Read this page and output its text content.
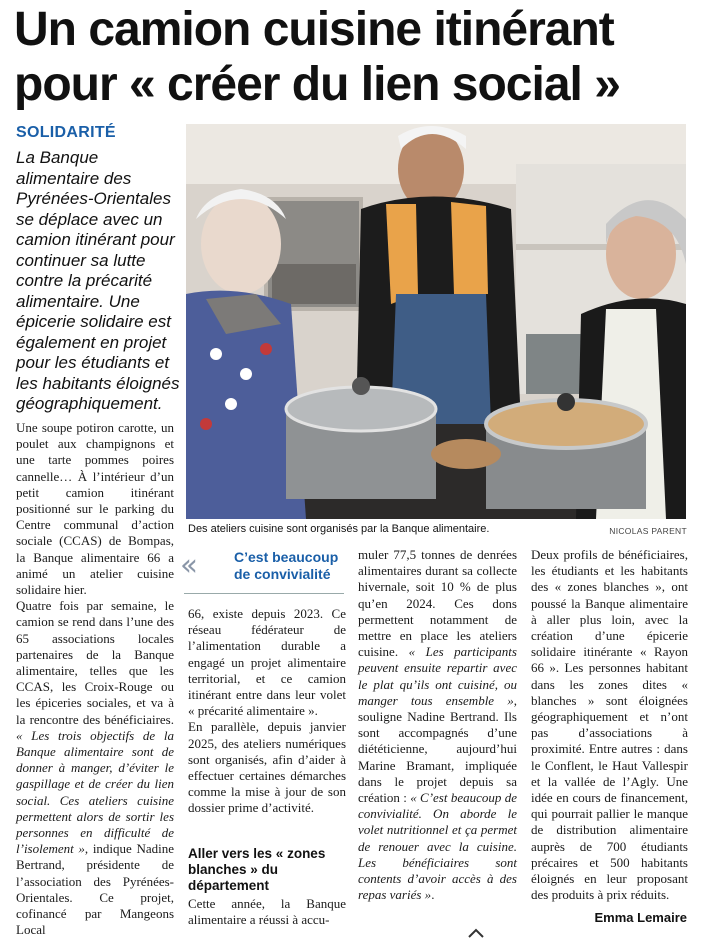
Un camion cuisine itinérant pour « créer du lien social »
SOLIDARITÉ

La Banque alimentaire des Pyrénées-Orientales se déplace avec un camion itinérant pour continuer sa lutte contre la précarité alimentaire. Une épicerie solidaire est également en projet pour les étudiants et les habitants éloignés géographiquement.

Des ateliers cuisine sont organisés par la Banque alimentaire.	NICOLAS PARENT

Une soupe potiron carotte, un poulet aux champignons et une tarte pommes poires cannelle… À l’intérieur d’un petit camion itinérant positionné sur le parking du Centre communal d’action sociale (CCAS) de Bompas, la Banque alimentaire 66 a animé un atelier cuisine solidaire hier.

Quatre fois par semaine, le camion se rend dans l’une des 65 associations locales partenaires de la Banque alimentaire, telles que les CCAS, les Croix-Rouge ou les épiceries sociales, et va à la rencontre des bénéficiaires. « Les trois objectifs de la Banque alimentaire sont de donner à manger, d’éviter le gaspillage et de créer du lien social. Ces ateliers cuisine permettent alors de sortir les personnes en difficulté de l’isolement », indique Nadine Bertrand, présidente de l’association des Pyrénées-Orientales. Ce projet, cofinancé par Mangeons Local

‹‹	C’est beaucoup de convivialité

66, existe depuis 2023. Ce réseau fédérateur de l’alimentation durable a engagé un projet alimentaire territorial, et ce camion itinérant entre dans leur volet « précarité alimentaire ».

En parallèle, depuis janvier 2025, des ateliers numériques sont organisés, afin d’aider à effectuer certaines démarches comme la mise à jour de son dossier prime d’activité.

Aller vers les « zones blanches » du département

Cette année, la Banque alimentaire a réussi à accu-

muler 77,5 tonnes de denrées alimentaires durant sa collecte hivernale, soit 10 % de plus qu’en 2024. Ces dons permettent notamment de mettre en place les ateliers cuisine. « Les participants peuvent ensuite repartir avec le plat qu’ils ont cuisiné, ou manger tous ensemble », souligne Nadine Bertrand. Ils sont accompagnés d’une diététicienne, aujourd’hui Marine Bramant, impliquée dans le projet depuis sa création : « C’est beaucoup de convivialité. On aborde le volet nutritionnel et ça permet de renouer avec la cuisine. Les bénéficiaires sont contents d’avoir accès à des repas variés ».

Deux profils de bénéficiaires, les étudiants et les habitants des « zones blanches », ont poussé la Banque alimentaire à aller plus loin, avec la création d’une épicerie solidaire itinérante « Rayon 66 ». Les personnes habitant dans les zones dites « blanches » sont éloignées géographiquement et n’ont pas d’associations à proximité. Entre autres : dans le Conflent, le Haut Vallespir et la vallée de l’Agly. Une idée en cours de financement, qui pourrait pallier le manque de distribution alimentaire auprès de 700 étudiants précaires et 500 habitants éloignés en leur proposant des produits à prix réduits.

Emma Lemaire
